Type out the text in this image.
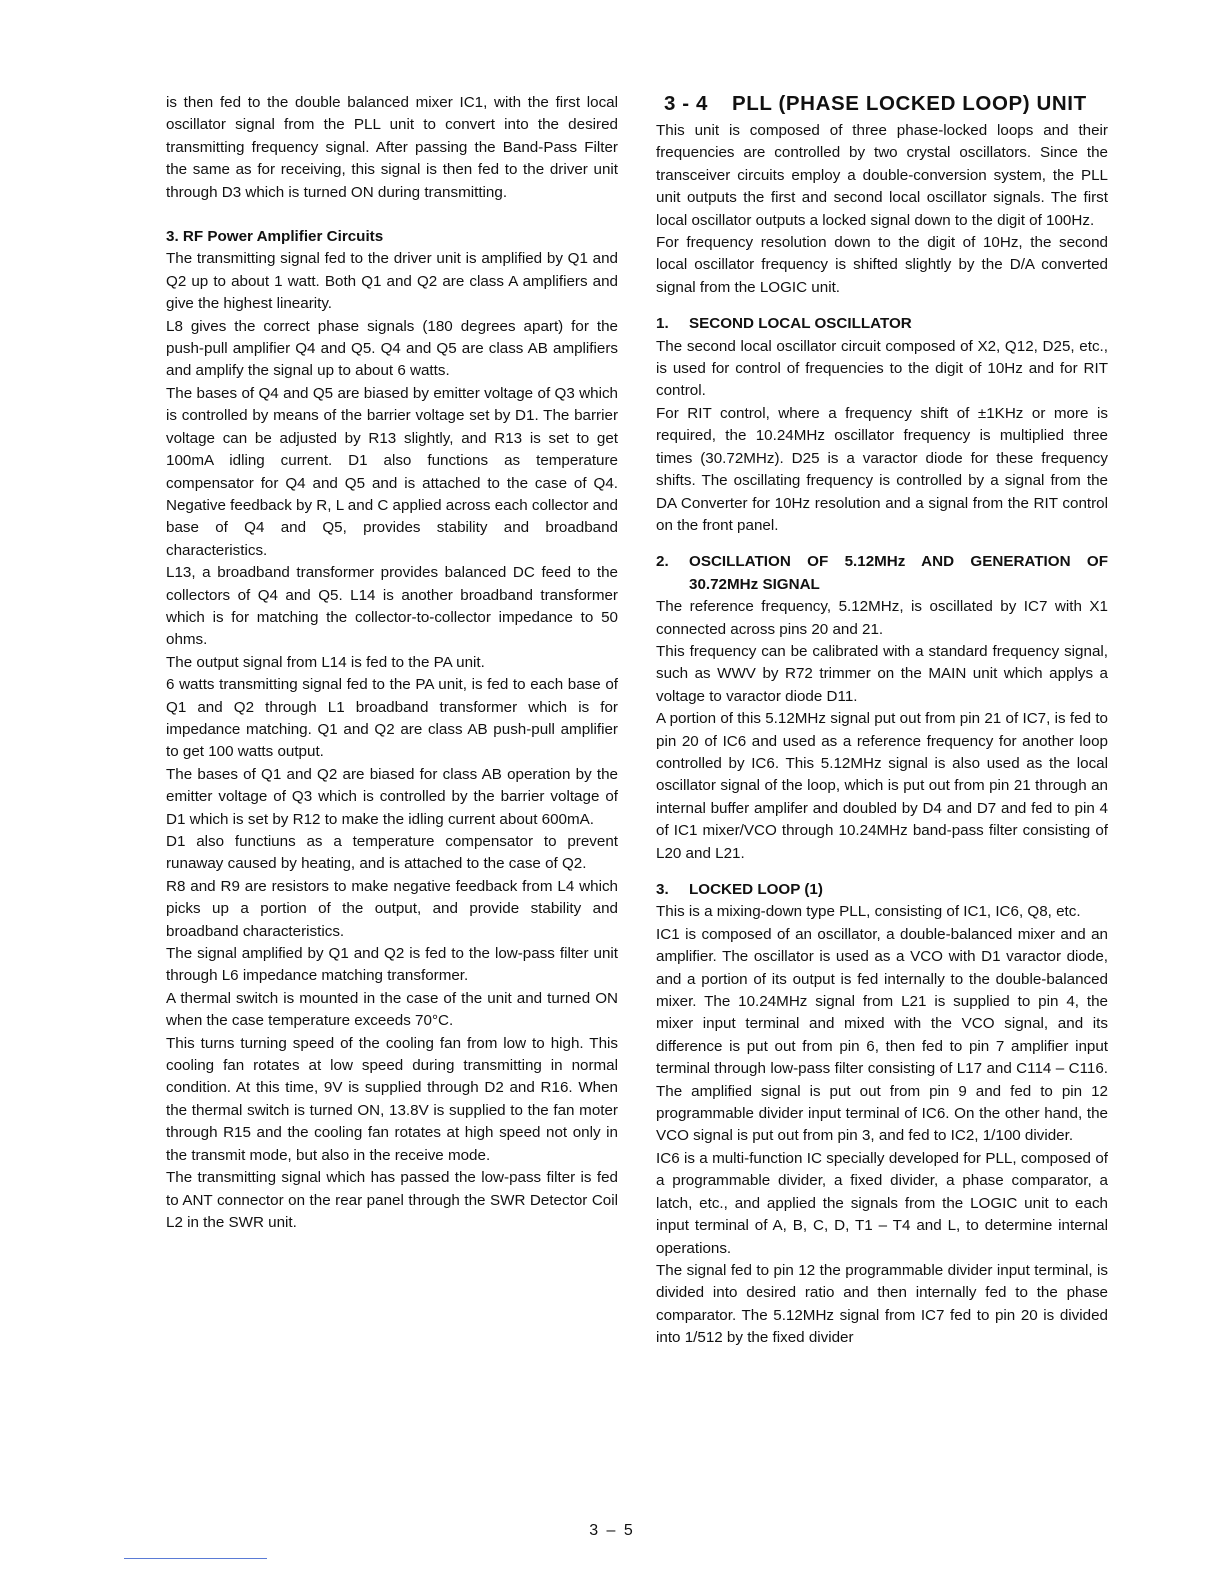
is then fed to the double balanced mixer IC1, with the first local oscillator signal from the PLL unit to convert into the desired transmitting frequency signal. After passing the Band-Pass Filter the same as for receiving, this signal is then fed to the driver unit through D3 which is turned ON during transmitting.

3. RF Power Amplifier Circuits

The transmitting signal fed to the driver unit is amplified by Q1 and Q2 up to about 1 watt. Both Q1 and Q2 are class A amplifiers and give the highest linearity.

L8 gives the correct phase signals (180 degrees apart) for the push-pull amplifier Q4 and Q5. Q4 and Q5 are class AB amplifiers and amplify the signal up to about 6 watts.

The bases of Q4 and Q5 are biased by emitter voltage of Q3 which is controlled by means of the barrier voltage set by D1. The barrier voltage can be adjusted by R13 slightly, and R13 is set to get 100mA idling current. D1 also functions as temperature compensator for Q4 and Q5 and is attached to the case of Q4. Negative feedback by R, L and C applied across each collector and base of Q4 and Q5, provides stability and broadband characteristics.

L13, a broadband transformer provides balanced DC feed to the collectors of Q4 and Q5. L14 is another broadband transformer which is for matching the collector-to-collector impedance to 50 ohms.

The output signal from L14 is fed to the PA unit.

6 watts transmitting signal fed to the PA unit, is fed to each base of Q1 and Q2 through L1 broadband transformer which is for impedance matching. Q1 and Q2 are class AB push-pull amplifier to get 100 watts output.

The bases of Q1 and Q2 are biased for class AB operation by the emitter voltage of Q3 which is controlled by the barrier voltage of D1 which is set by R12 to make the idling current about 600mA.

D1 also functiuns as a temperature compensator to prevent runaway caused by heating, and is attached to the case of Q2.

R8 and R9 are resistors to make negative feedback from L4 which picks up a portion of the output, and provide stability and broadband characteristics.

The signal amplified by Q1 and Q2 is fed to the low-pass filter unit through L6 impedance matching transformer.

A thermal switch is mounted in the case of the unit and turned ON when the case temperature exceeds 70°C.

This turns turning speed of the cooling fan from low to high. This cooling fan rotates at low speed during transmitting in normal condition. At this time, 9V is supplied through D2 and R16. When the thermal switch is turned ON, 13.8V is supplied to the fan moter through R15 and the cooling fan rotates at high speed not only in the transmit mode, but also in the receive mode.

The transmitting signal which has passed the low-pass filter is fed to ANT connector on the rear panel through the SWR Detector Coil L2 in the SWR unit.

3 - 4 PLL (PHASE LOCKED LOOP) UNIT

This unit is composed of three phase-locked loops and their frequencies are controlled by two crystal oscillators. Since the transceiver circuits employ a double-conversion system, the PLL unit outputs the first and second local oscillator signals. The first local oscillator outputs a locked signal down to the digit of 100Hz.

For frequency resolution down to the digit of 10Hz, the second local oscillator frequency is shifted slightly by the D/A converted signal from the LOGIC unit.

1. SECOND LOCAL OSCILLATOR

The second local oscillator circuit composed of X2, Q12, D25, etc., is used for control of frequencies to the digit of 10Hz and for RIT control.

For RIT control, where a frequency shift of ±1KHz or more is required, the 10.24MHz oscillator frequency is multiplied three times (30.72MHz). D25 is a varactor diode for these frequency shifts. The oscillating frequency is controlled by a signal from the DA Converter for 10Hz resolution and a signal from the RIT control on the front panel.

2. OSCILLATION OF 5.12MHz AND GENERATION OF 30.72MHz SIGNAL

The reference frequency, 5.12MHz, is oscillated by IC7 with X1 connected across pins 20 and 21.

This frequency can be calibrated with a standard frequency signal, such as WWV by R72 trimmer on the MAIN unit which applys a voltage to varactor diode D11.

A portion of this 5.12MHz signal put out from pin 21 of IC7, is fed to pin 20 of IC6 and used as a reference frequency for another loop controlled by IC6. This 5.12MHz signal is also used as the local oscillator signal of the loop, which is put out from pin 21 through an internal buffer amplifer and doubled by D4 and D7 and fed to pin 4 of IC1 mixer/VCO through 10.24MHz band-pass filter consisting of L20 and L21.

3. LOCKED LOOP (1)

This is a mixing-down type PLL, consisting of IC1, IC6, Q8, etc.

IC1 is composed of an oscillator, a double-balanced mixer and an amplifier. The oscillator is used as a VCO with D1 varactor diode, and a portion of its output is fed internally to the double-balanced mixer. The 10.24MHz signal from L21 is supplied to pin 4, the mixer input terminal and mixed with the VCO signal, and its difference is put out from pin 6, then fed to pin 7 amplifier input terminal through low-pass filter consisting of L17 and C114 – C116. The amplified signal is put out from pin 9 and fed to pin 12 programmable divider input terminal of IC6. On the other hand, the VCO signal is put out from pin 3, and fed to IC2, 1/100 divider.

IC6 is a multi-function IC specially developed for PLL, composed of a programmable divider, a fixed divider, a phase comparator, a latch, etc., and applied the signals from the LOGIC unit to each input terminal of A, B, C, D, T1 – T4 and L, to determine internal operations.

The signal fed to pin 12 the programmable divider input terminal, is divided into desired ratio and then internally fed to the phase comparator. The 5.12MHz signal from IC7 fed to pin 20 is divided into 1/512 by the fixed divider

3 – 5
